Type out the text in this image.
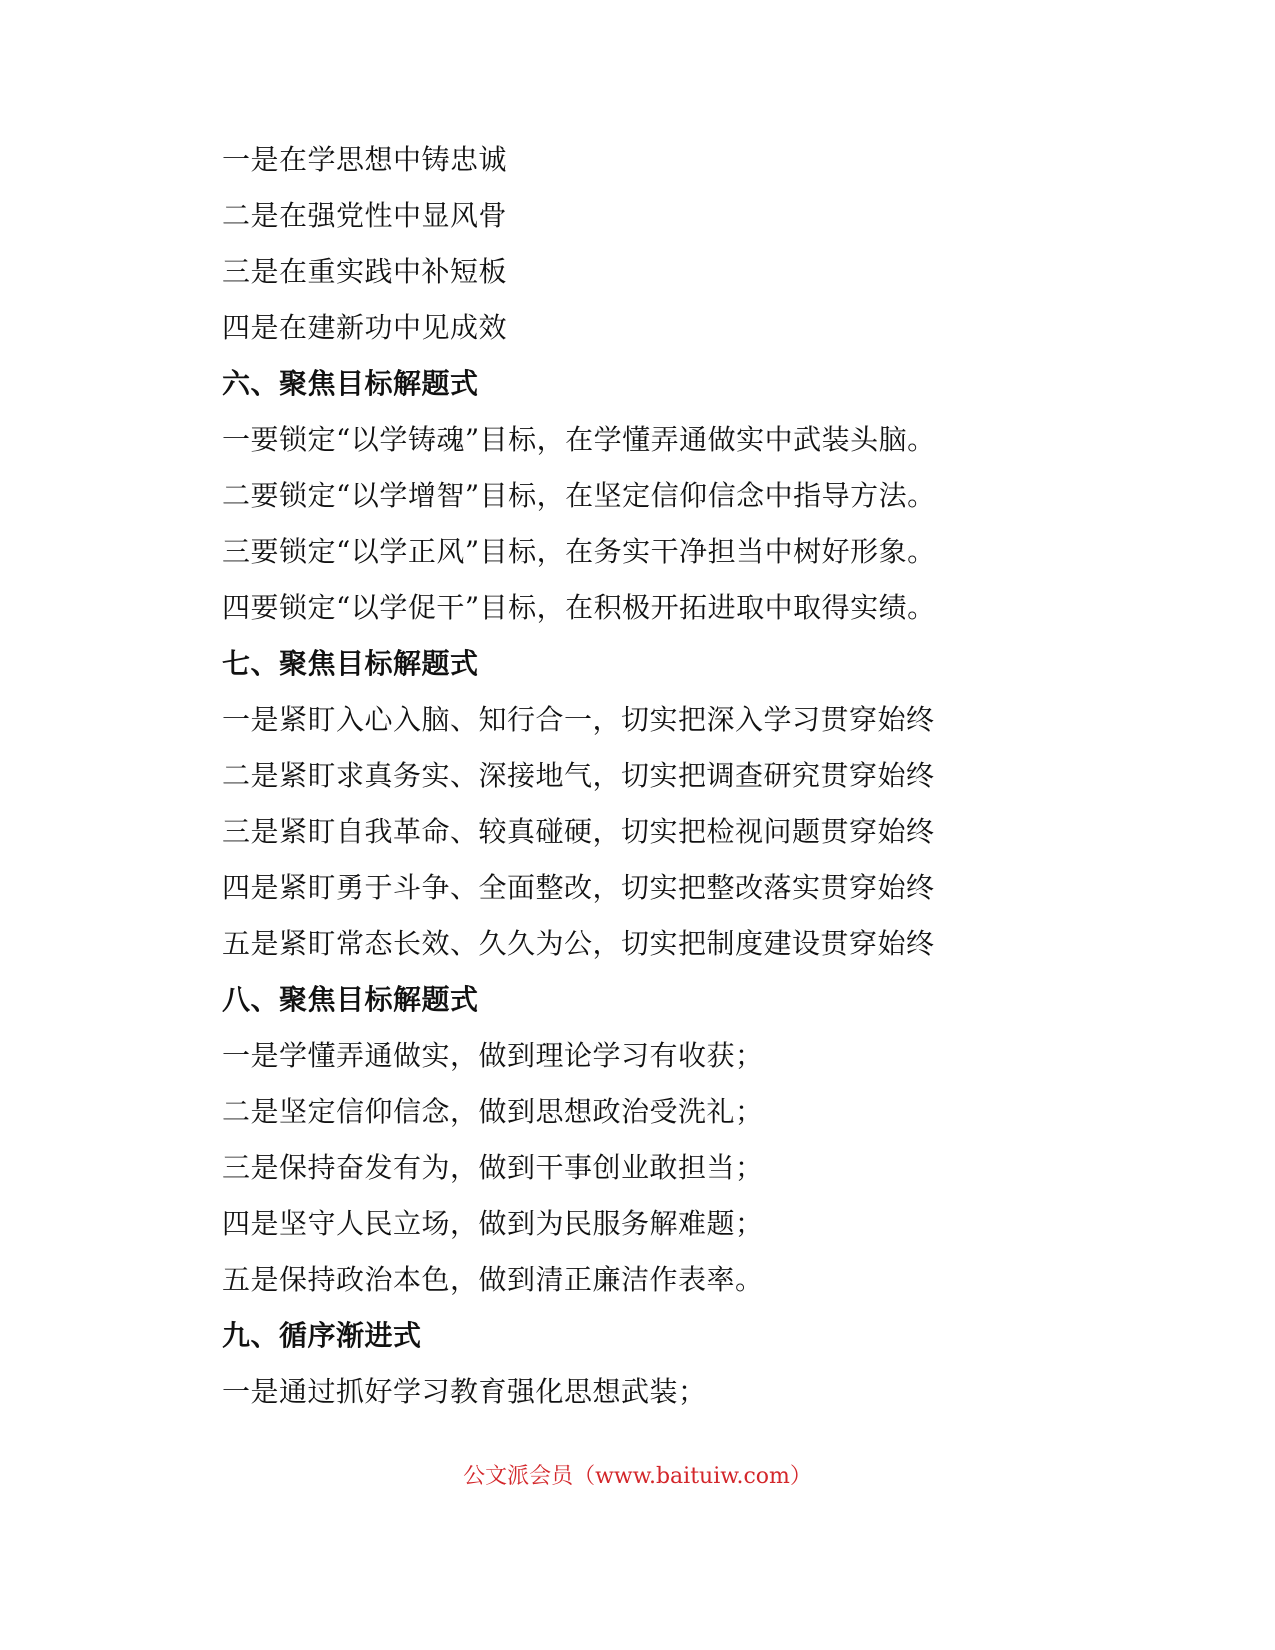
一是在学思想中铸忠诚
二是在强党性中显风骨
三是在重实践中补短板
四是在建新功中见成效
六、聚焦目标解题式
一要锁定“以学铸魂”目标，在学懂弄通做实中武装头脑。
二要锁定“以学增智”目标，在坚定信仰信念中指导方法。
三要锁定“以学正风”目标，在务实干净担当中树好形象。
四要锁定“以学促干”目标，在积极开拓进取中取得实绩。
七、聚焦目标解题式
一是紧盯入心入脑、知行合一，切实把深入学习贯穿始终
二是紧盯求真务实、深接地气，切实把调查研究贯穿始终
三是紧盯自我革命、较真碰硬，切实把检视问题贯穿始终
四是紧盯勇于斗争、全面整改，切实把整改落实贯穿始终
五是紧盯常态长效、久久为公，切实把制度建设贯穿始终
八、聚焦目标解题式
一是学懂弄通做实，做到理论学习有收获；
二是坚定信仰信念，做到思想政治受洗礼；
三是保持奋发有为，做到干事创业敢担当；
四是坚守人民立场，做到为民服务解难题；
五是保持政治本色，做到清正廉洁作表率。
九、循序渐进式
一是通过抓好学习教育强化思想武装；
公文派会员（www.baituiw.com）
